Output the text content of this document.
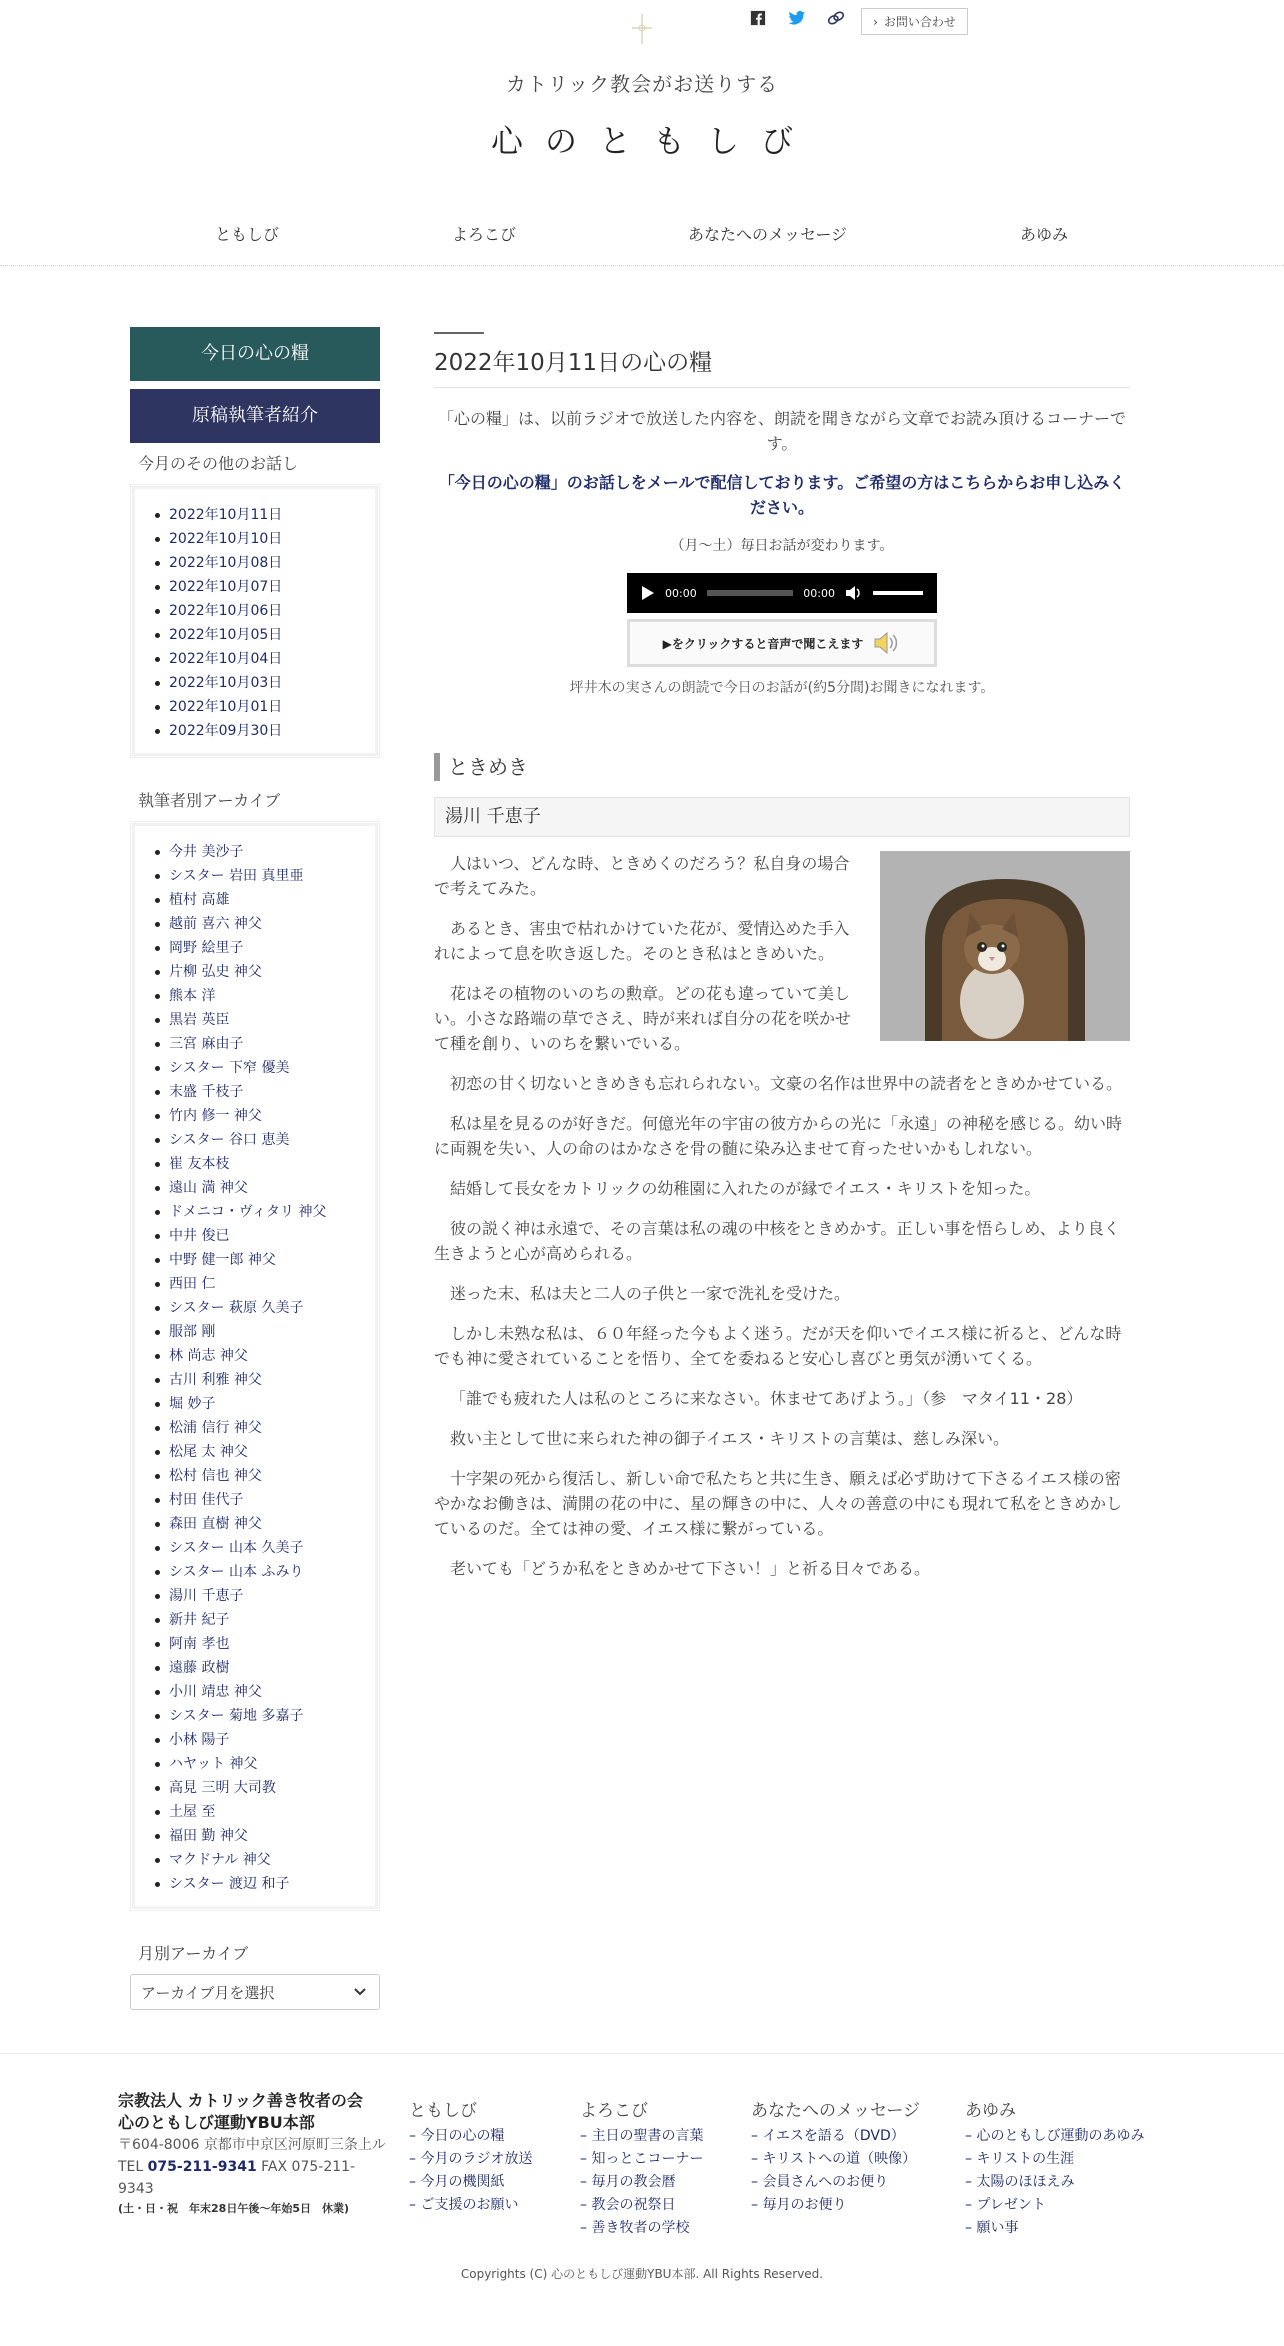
› お問い合わせ
カトリック教会がお送りする
心のともしび
ともしび	よろこび	あなたへのメッセージ	あゆみ
今日の心の糧
原稿執筆者紹介
今月のその他のお話し
2022年10月11日
2022年10月10日
2022年10月08日
2022年10月07日
2022年10月06日
2022年10月05日
2022年10月04日
2022年10月03日
2022年10月01日
2022年09月30日
執筆者別アーカイブ
今井 美沙子
シスター 岩田 真里亜
植村 高雄
越前 喜六 神父
岡野 絵里子
片柳 弘史 神父
熊本 洋
黒岩 英臣
三宮 麻由子
シスター 下窄 優美
末盛 千枝子
竹内 修一 神父
シスター 谷口 恵美
崔 友本枝
遠山 満 神父
ドメニコ・ヴィタリ 神父
中井 俊已
中野 健一郎 神父
西田 仁
シスター 萩原 久美子
服部 剛
林 尚志 神父
古川 利雅 神父
堀 妙子
松浦 信行 神父
松尾 太 神父
松村 信也 神父
村田 佳代子
森田 直樹 神父
シスター 山本 久美子
シスター 山本 ふみり
湯川 千恵子
新井 紀子
阿南 孝也
遠藤 政樹
小川 靖忠 神父
シスター 菊地 多嘉子
小林 陽子
ハヤット 神父
高見 三明 大司教
土屋 至
福田 勤 神父
マクドナル 神父
シスター 渡辺 和子
月別アーカイブ
アーカイブ月を選択
2022年10月11日の心の糧

「心の糧」は、以前ラジオで放送した内容を、朗読を聞きながら文章でお読み頂けるコーナーです。

「今日の心の糧」のお話しをメールで配信しております。ご希望の方はこちらからお申し込みください。

（月～土）毎日お話が変わります。

00:00	00:00
▶をクリックすると音声で聞こえます

坪井木の実さんの朗読で今日のお話が(約5分間)お聞きになれます。

ときめき
湯川 千恵子

人はいつ、どんな時、ときめくのだろう？私自身の場合で考えてみた。

あるとき、害虫で枯れかけていた花が、愛情込めた手入れによって息を吹き返した。そのとき私はときめいた。

花はその植物のいのちの勲章。どの花も違っていて美しい。小さな路端の草でさえ、時が来れば自分の花を咲かせて種を創り、いのちを繋いでいる。

初恋の甘く切ないときめきも忘れられない。文豪の名作は世界中の読者をときめかせている。

私は星を見るのが好きだ。何億光年の宇宙の彼方からの光に「永遠」の神秘を感じる。幼い時に両親を失い、人の命のはかなさを骨の髄に染み込ませて育ったせいかもしれない。

結婚して長女をカトリックの幼稚園に入れたのが縁でイエス・キリストを知った。

彼の説く神は永遠で、その言葉は私の魂の中核をときめかす。正しい事を悟らしめ、より良く生きようと心が高められる。

迷った末、私は夫と二人の子供と一家で洗礼を受けた。

しかし未熟な私は、６０年経った今もよく迷う。だが天を仰いでイエス様に祈ると、どんな時でも神に愛されていることを悟り、全てを委ねると安心し喜びと勇気が湧いてくる。

「誰でも疲れた人は私のところに来なさい。休ませてあげよう。」（参　マタイ11・28）

救い主として世に来られた神の御子イエス・キリストの言葉は、慈しみ深い。

十字架の死から復活し、新しい命で私たちと共に生き、願えば必ず助けて下さるイエス様の密やかなお働きは、満開の花の中に、星の輝きの中に、人々の善意の中にも現れて私をときめかしているのだ。全ては神の愛、イエス様に繋がっている。

老いても「どうか私をときめかせて下さい！」と祈る日々である。

宗教法人 カトリック善き牧者の会
心のともしび運動YBU本部
〒604-8006 京都市中京区河原町三条上ル
TEL 075-211-9341 FAX 075-211-9343
(土・日・祝　年末28日午後〜年始5日　休業)
ともしび
– 今日の心の糧
– 今月のラジオ放送
– 今月の機関紙
– ご支援のお願い
よろこび
– 主日の聖書の言葉
– 知っとこコーナー
– 毎月の教会暦
– 教会の祝祭日
– 善き牧者の学校
あなたへのメッセージ
– イエスを語る（DVD）
– キリストへの道（映像）
– 会員さんへのお便り
– 毎月のお便り
あゆみ
– 心のともしび運動のあゆみ
– キリストの生涯
– 太陽のほほえみ
– プレゼント
– 願い事
Copyrights (C) 心のともしび運動YBU本部. All Rights Reserved.
